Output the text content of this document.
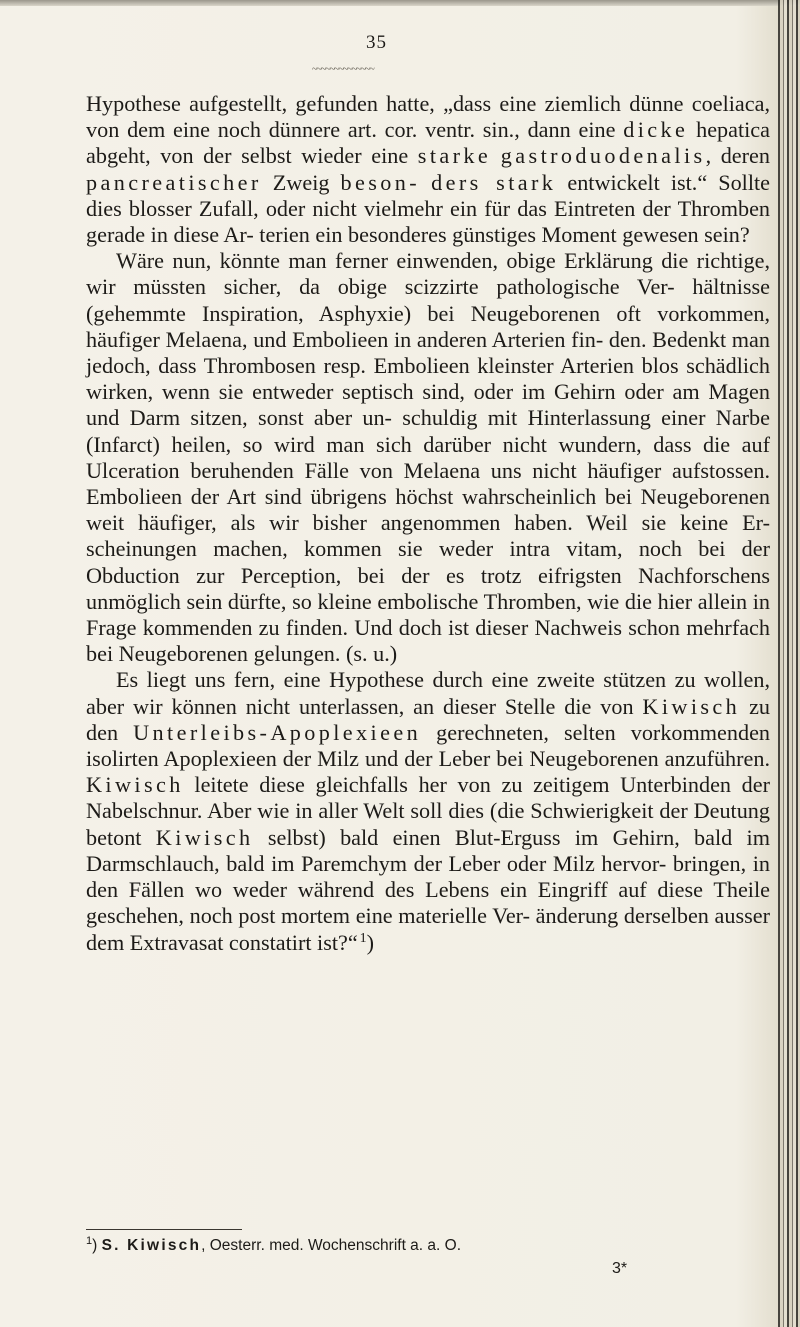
35
~~~~~~~~~~~~~~

Hypothese aufgestellt, gefunden hatte, „dass eine ziemlich dünne coeliaca, von dem eine noch dünnere art. cor. ventr. sin., dann eine dicke hepatica abgeht, von der selbst wieder eine starke gastroduodenalis, deren pancreatischer Zweig beson- ders stark entwickelt ist.“ Sollte dies blosser Zufall, oder nicht vielmehr ein für das Eintreten der Thromben gerade in diese Ar- terien ein besonderes günstiges Moment gewesen sein?

Wäre nun, könnte man ferner einwenden, obige Erklärung die richtige, wir müssten sicher, da obige scizzirte pathologische Ver- hältnisse (gehemmte Inspiration, Asphyxie) bei Neugeborenen oft vorkommen, häufiger Melaena, und Embolieen in anderen Arterien fin- den. Bedenkt man jedoch, dass Thrombosen resp. Embolieen kleinster Arterien blos schädlich wirken, wenn sie entweder septisch sind, oder im Gehirn oder am Magen und Darm sitzen, sonst aber un- schuldig mit Hinterlassung einer Narbe (Infarct) heilen, so wird man sich darüber nicht wundern, dass die auf Ulceration beruhenden Fälle von Melaena uns nicht häufiger aufstossen. Embolieen der Art sind übrigens höchst wahrscheinlich bei Neugeborenen weit häufiger, als wir bisher angenommen haben. Weil sie keine Er- scheinungen machen, kommen sie weder intra vitam, noch bei der Obduction zur Perception, bei der es trotz eifrigsten Nachforschens unmöglich sein dürfte, so kleine embolische Thromben, wie die hier allein in Frage kommenden zu finden. Und doch ist dieser Nachweis schon mehrfach bei Neugeborenen gelungen. (s. u.)

Es liegt uns fern, eine Hypothese durch eine zweite stützen zu wollen, aber wir können nicht unterlassen, an dieser Stelle die von Kiwisch zu den Unterleibs-Apoplexieen gerechneten, selten vorkommenden isolirten Apoplexieen der Milz und der Leber bei Neugeborenen anzuführen. Kiwisch leitete diese gleichfalls her von zu zeitigem Unterbinden der Nabelschnur. Aber wie in aller Welt soll dies (die Schwierigkeit der Deutung betont Kiwisch selbst) bald einen Blut-Erguss im Gehirn, bald im Darmschlauch, bald im Paremchym der Leber oder Milz hervor- bringen, in den Fällen wo weder während des Lebens ein Eingriff auf diese Theile geschehen, noch post mortem eine materielle Ver- änderung derselben ausser dem Extravasat constatirt ist?“  $^1$)

$^1$) S. Kiwisch, Oesterr. med. Wochenschrift a. a. O.
3*
